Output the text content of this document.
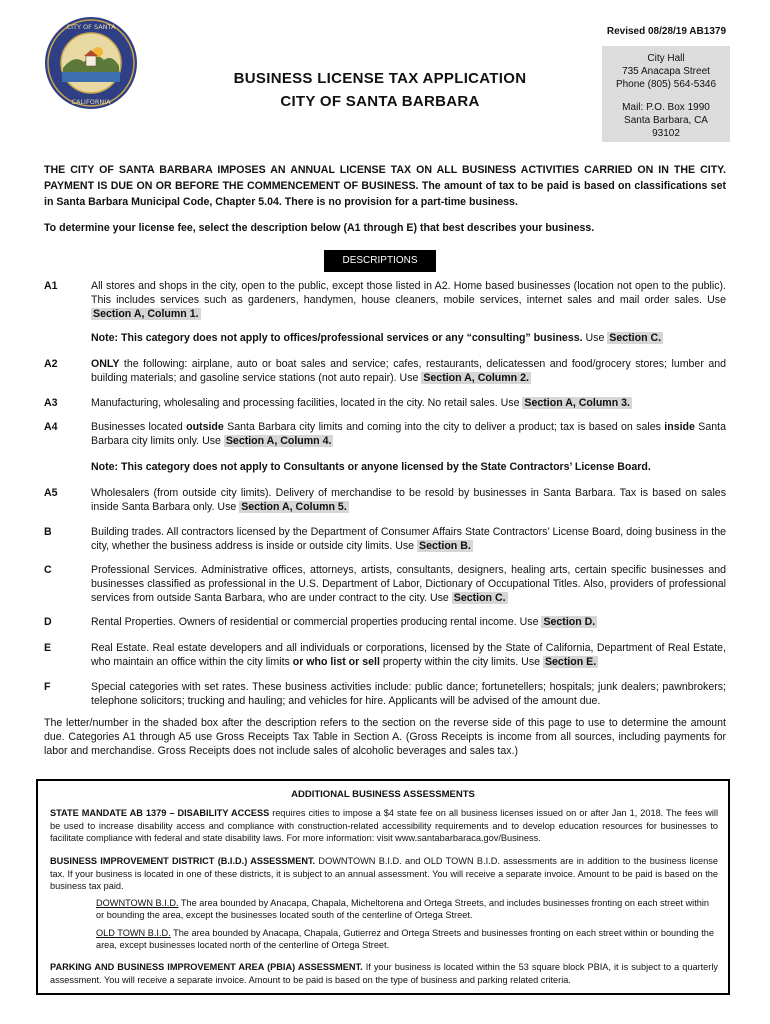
CITY OF SANTA
CALIFORNIA
Revised 08/28/19 AB1379
City Hall
735 Anacapa Street
Phone (805) 564-5346
Mail: P.O. Box 1990
Santa Barbara, CA
93102
BUSINESS LICENSE TAX APPLICATION
CITY OF SANTA BARBARA
THE CITY OF SANTA BARBARA IMPOSES AN ANNUAL LICENSE TAX ON ALL BUSINESS ACTIVITIES CARRIED ON IN THE CITY. PAYMENT IS DUE ON OR BEFORE THE COMMENCEMENT OF BUSINESS. The amount of tax to be paid is based on classifications set in Santa Barbara Municipal Code, Chapter 5.04. There is no provision for a part-time business.
To determine your license fee, select the description below (A1 through E) that best describes your business.
DESCRIPTIONS
A1	All stores and shops in the city, open to the public, except those listed in A2. Home based businesses (location not open to the public). This includes services such as gardeners, handymen, house cleaners, mobile services, internet sales and mail order sales. Use Section A, Column 1.
Note: This category does not apply to offices/professional services or any “consulting” business. Use Section C.
A2	ONLY the following: airplane, auto or boat sales and service; cafes, restaurants, delicatessen and food/grocery stores; lumber and building materials; and gasoline service stations (not auto repair). Use Section A, Column 2.
A3	Manufacturing, wholesaling and processing facilities, located in the city. No retail sales. Use Section A, Column 3.
A4	Businesses located outside Santa Barbara city limits and coming into the city to deliver a product; tax is based on sales inside Santa Barbara city limits only. Use Section A, Column 4.
Note: This category does not apply to Consultants or anyone licensed by the State Contractors’ License Board.
A5	Wholesalers (from outside city limits). Delivery of merchandise to be resold by businesses in Santa Barbara. Tax is based on sales inside Santa Barbara only. Use Section A, Column 5.
B	Building trades. All contractors licensed by the Department of Consumer Affairs State Contractors’ License Board, doing business in the city, whether the business address is inside or outside city limits. Use Section B.
C	Professional Services. Administrative offices, attorneys, artists, consultants, designers, healing arts, certain specific businesses and businesses classified as professional in the U.S. Department of Labor, Dictionary of Occupational Titles. Also, providers of professional services from outside Santa Barbara, who are under contract to the city. Use Section C.
D	Rental Properties. Owners of residential or commercial properties producing rental income. Use Section D.
E	Real Estate. Real estate developers and all individuals or corporations, licensed by the State of California, Department of Real Estate, who maintain an office within the city limits or who list or sell property within the city limits. Use Section E.
F	Special categories with set rates. These business activities include: public dance; fortunetellers; hospitals; junk dealers; pawnbrokers; telephone solicitors; trucking and hauling; and vehicles for hire. Applicants will be advised of the amount due.
The letter/number in the shaded box after the description refers to the section on the reverse side of this page to use to determine the amount due. Categories A1 through A5 use Gross Receipts Tax Table in Section A. (Gross Receipts is income from all sources, including payments for labor and merchandise. Gross Receipts does not include sales of alcoholic beverages and sales tax.)
ADDITIONAL BUSINESS ASSESSMENTS
STATE MANDATE AB 1379 – DISABILITY ACCESS requires cities to impose a $4 state fee on all business licenses issued on or after Jan 1, 2018. The fees will be used to increase disability access and compliance with construction-related accessibility requirements and to develop education resources for businesses to facilitate compliance with federal and state disability laws. For more information: visit www.santabarbaraca.gov/Business.
BUSINESS IMPROVEMENT DISTRICT (B.I.D.) ASSESSMENT. DOWNTOWN B.I.D. and OLD TOWN B.I.D. assessments are in addition to the business license tax. If your business is located in one of these districts, it is subject to an annual assessment. You will receive a separate invoice. Amount to be paid is based on the business tax paid.
DOWNTOWN B.I.D. The area bounded by Anacapa, Chapala, Micheltorena and Ortega Streets, and includes businesses fronting on each street within or bounding the area, except the businesses located south of the centerline of Ortega Street.
OLD TOWN B.I.D. The area bounded by Anacapa, Chapala, Gutierrez and Ortega Streets and businesses fronting on each street within or bounding the area, except businesses located north of the centerline of Ortega Street.
PARKING AND BUSINESS IMPROVEMENT AREA (PBIA) ASSESSMENT. If your business is located within the 53 square block PBIA, it is subject to a quarterly assessment. You will receive a separate invoice. Amount to be paid is based on the type of business and parking related criteria.
